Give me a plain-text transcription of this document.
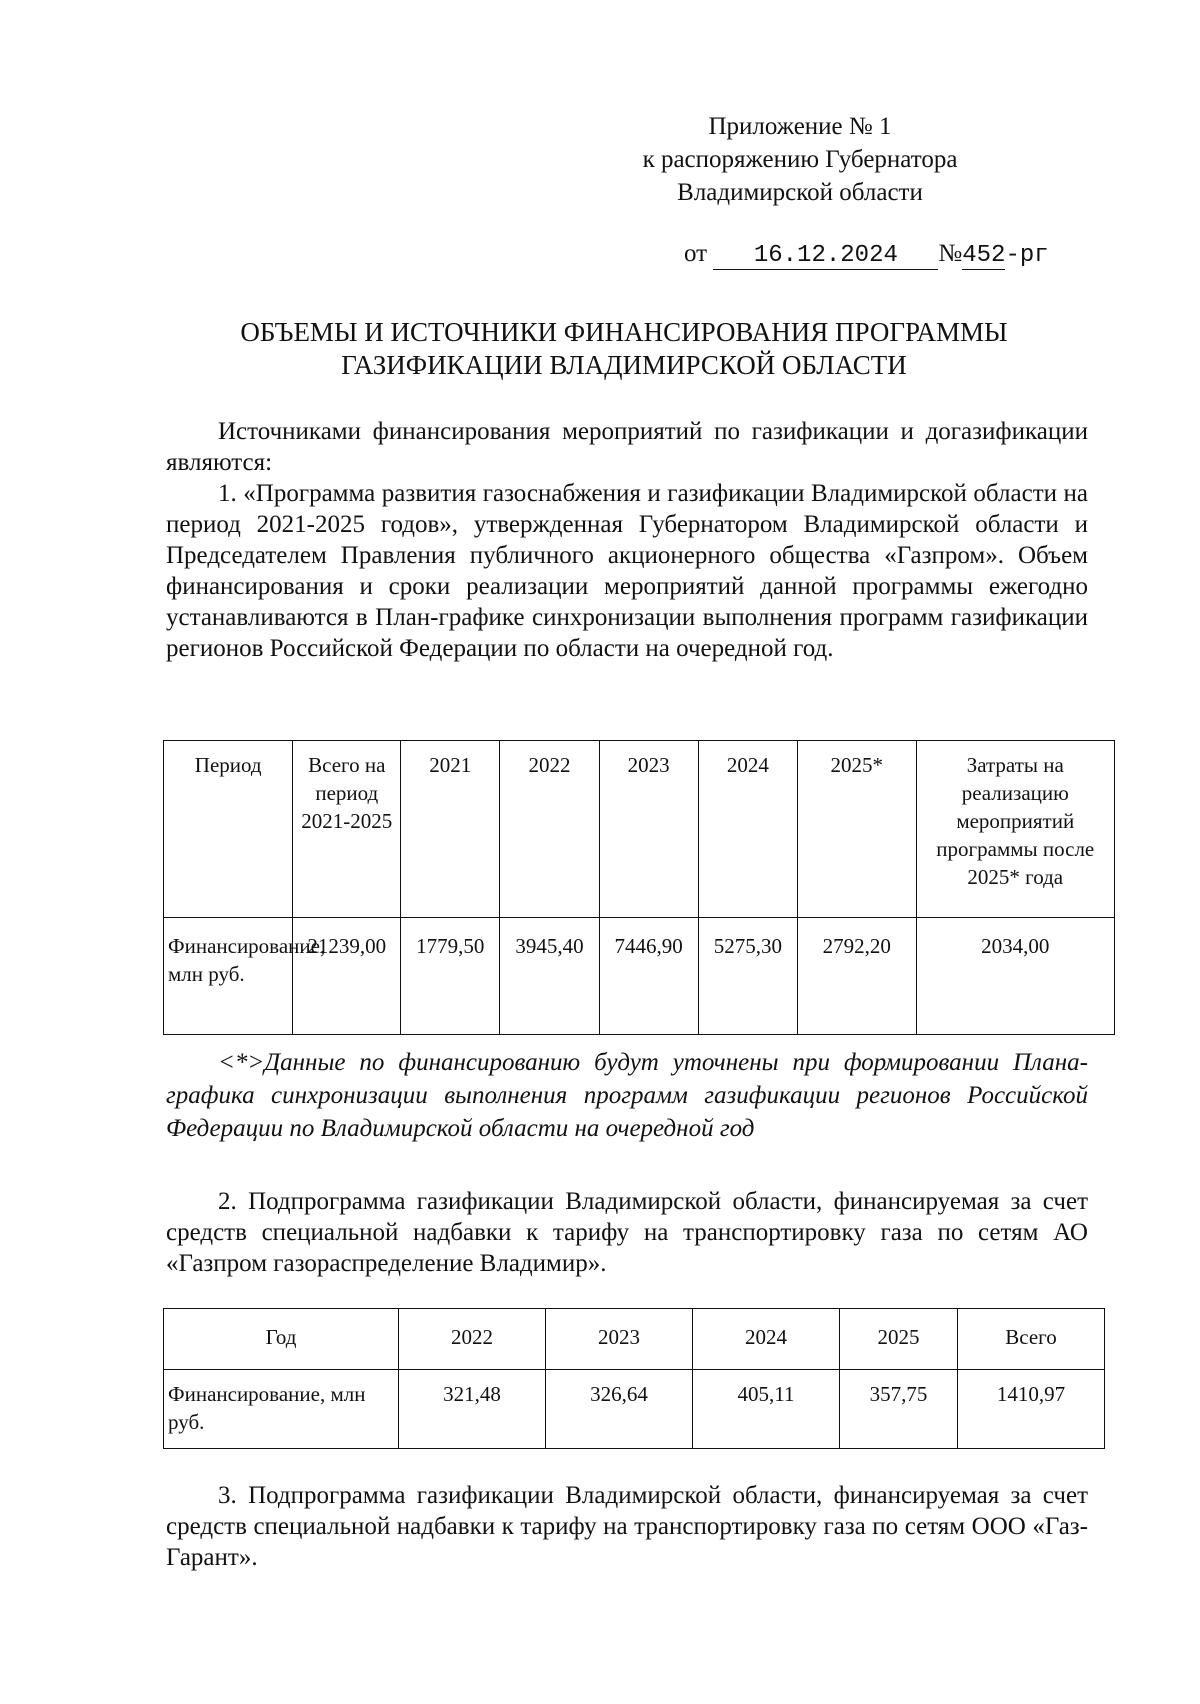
Приложение № 1
к распоряжению Губернатора
Владимирской области
от 16.12.2024 №452-рг
ОБЪЕМЫ И ИСТОЧНИКИ ФИНАНСИРОВАНИЯ ПРОГРАММЫ
ГАЗИФИКАЦИИ ВЛАДИМИРСКОЙ ОБЛАСТИ

Источниками финансирования мероприятий по газификации и догазификации являются:

1. «Программа развития газоснабжения и газификации Владимирской области на период 2021-2025 годов», утвержденная Губернатором Владимирской области и Председателем Правления публичного акционерного общества «Газпром». Объем финансирования и сроки реализации мероприятий данной программы ежегодно устанавливаются в План-графике синхронизации выполнения программ газификации регионов Российской Федерации по области на очередной год.

Период	Всего на период 2021-2025	2021	2022	2023	2024	2025*	Затраты на реализацию мероприятий программы после 2025* года
Финансирование, млн руб.	21239,00	1779,50	3945,40	7446,90	5275,30	2792,20	2034,00

<*>Данные по финансированию будут уточнены при формировании Плана-графика синхронизации выполнения программ газификации регионов Российской Федерации по Владимирской области на очередной год

2. Подпрограмма газификации Владимирской области, финансируемая за счет средств специальной надбавки к тарифу на транспортировку газа по сетям АО «Газпром газораспределение Владимир».

Год	2022	2023	2024	2025	Всего
Финансирование, млн руб.	321,48	326,64	405,11	357,75	1410,97

3. Подпрограмма газификации Владимирской области, финансируемая за счет средств специальной надбавки к тарифу на транспортировку газа по сетям ООО «Газ-Гарант».
